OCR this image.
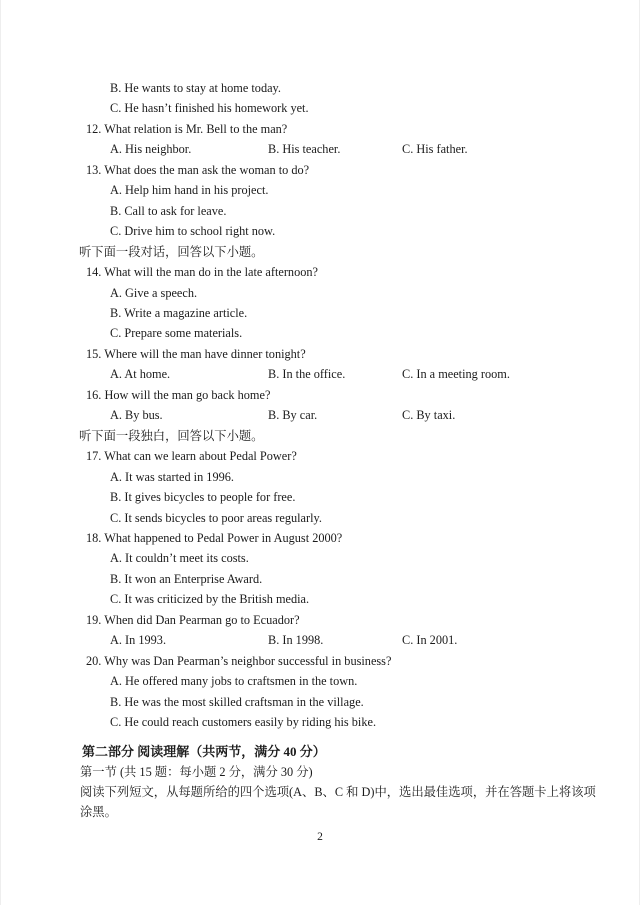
B. He wants to stay at home today.
C. He hasn’t finished his homework yet.
12. What relation is Mr. Bell to the man?
A. His neighbor.	B. His teacher.	C. His father.
13. What does the man ask the woman to do?
A. Help him hand in his project.
B. Call to ask for leave.
C. Drive him to school right now.
听下面一段对话，回答以下小题。
14. What will the man do in the late afternoon?
A. Give a speech.
B. Write a magazine article.
C. Prepare some materials.
15. Where will the man have dinner tonight?
A. At home.	B. In the office.	C. In a meeting room.
16. How will the man go back home?
A. By bus.	B. By car.	C. By taxi.
听下面一段独白，回答以下小题。
17. What can we learn about Pedal Power?
A. It was started in 1996.
B. It gives bicycles to people for free.
C. It sends bicycles to poor areas regularly.
18. What happened to Pedal Power in August 2000?
A. It couldn’t meet its costs.
B. It won an Enterprise Award.
C. It was criticized by the British media.
19. When did Dan Pearman go to Ecuador?
A. In 1993.	B. In 1998.	C. In 2001.
20. Why was Dan Pearman’s neighbor successful in business?
A. He offered many jobs to craftsmen in the town.
B. He was the most skilled craftsman in the village.
C. He could reach customers easily by riding his bike.
第二部分 阅读理解（共两节，满分 40 分）
第一节 (共 15 题：每小题 2 分，满分 30 分)
阅读下列短文，从每题所给的四个选项(A、B、C 和 D)中，选出最佳选项，并在答题卡上将该项
涂黑。
2
